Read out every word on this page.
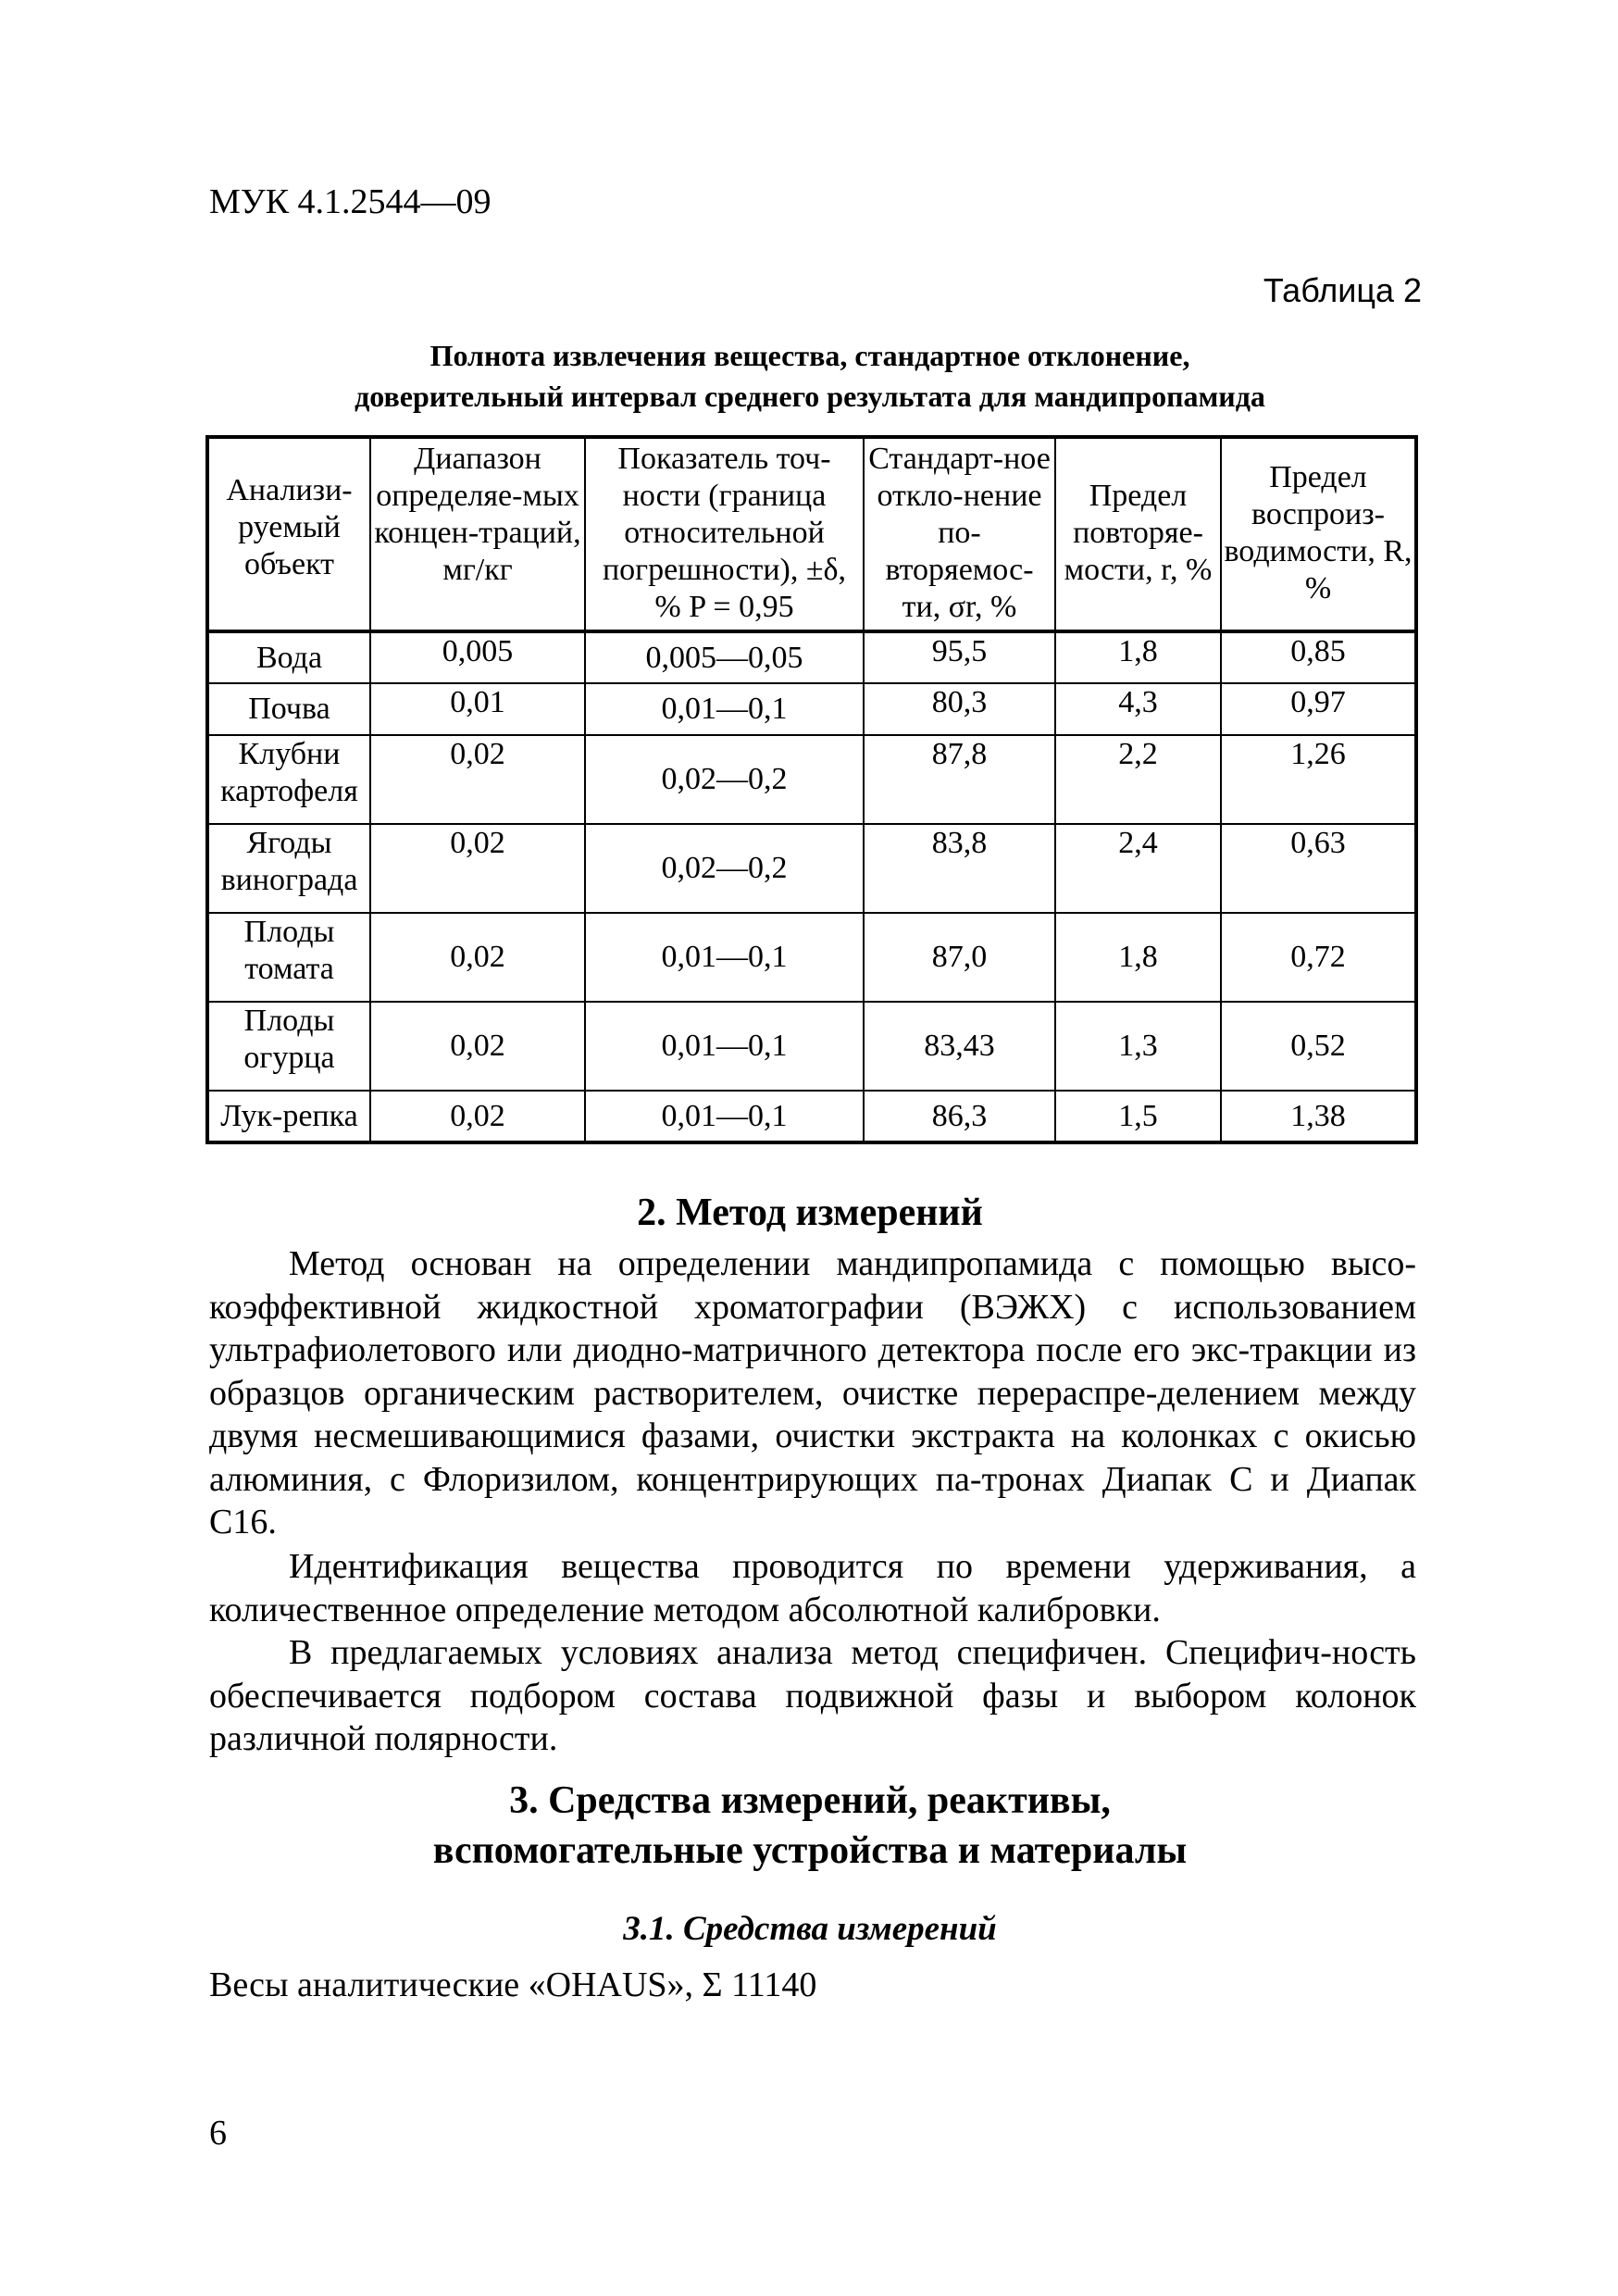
МУК 4.1.2544—09
Таблица 2
Полнота извлечения вещества, стандартное отклонение,
доверительный интервал среднего результата для мандипропамида
Анализи-руемый объект	Диапазон определяе-мых концен-траций, мг/кг	Показатель точ-ности (граница относительной погрешности), ±δ, % P = 0,95	Стандарт-ное откло-нение по-вторяемос-ти, σr, %	Предел повторяе-мости, r, %	Предел воспроиз-водимости, R, %
Вода	0,005	0,005—0,05	95,5	1,8	0,85
Почва	0,01	0,01—0,1	80,3	4,3	0,97
Клубни картофеля	0,02	0,02—0,2	87,8	2,2	1,26
Ягоды винограда	0,02	0,02—0,2	83,8	2,4	0,63
Плоды томата	0,02	0,01—0,1	87,0	1,8	0,72
Плоды огурца	0,02	0,01—0,1	83,43	1,3	0,52
Лук-репка	0,02	0,01—0,1	86,3	1,5	1,38
2. Метод измерений

Метод основан на определении мандипропамида с помощью высо-коэффективной жидкостной хроматографии (ВЭЖХ) с использованием ультрафиолетового или диодно-матричного детектора после его экс-тракции из образцов органическим растворителем, очистке перераспре-делением между двумя несмешивающимися фазами, очистки экстракта на колонках с окисью алюминия, с Флоризилом, концентрирующих па-тронах Диапак С и Диапак С16.

Идентификация вещества проводится по времени удерживания, а количественное определение методом абсолютной калибровки.

В предлагаемых условиях анализа метод специфичен. Специфич-ность обеспечивается подбором состава подвижной фазы и выбором колонок различной полярности.

3. Средства измерений, реактивы,
вспомогательные устройства и материалы
3.1. Средства измерений
Весы аналитические «OHAUS», Σ 11140
6
